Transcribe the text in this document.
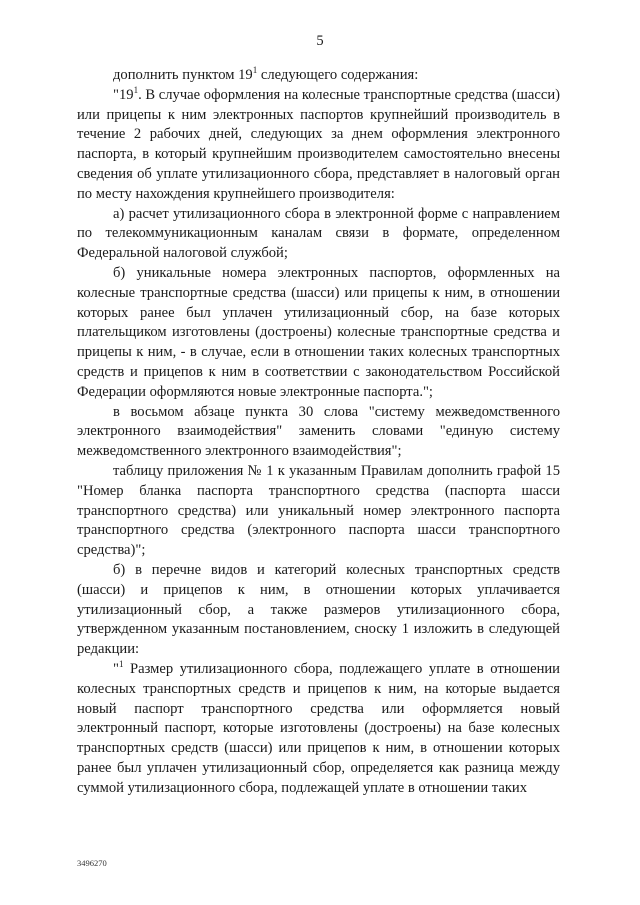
5

дополнить пунктом $19^1$ следующего содержания:

"$19^1$. В случае оформления на колесные транспортные средства (шасси) или прицепы к ним электронных паспортов крупнейший производитель в течение 2 рабочих дней, следующих за днем оформления электронного паспорта, в который крупнейшим производителем самостоятельно внесены сведения об уплате утилизационного сбора, представляет в налоговый орган по месту нахождения крупнейшего производителя:

а) расчет утилизационного сбора в электронной форме с направлением по телекоммуникационным каналам связи в формате, определенном Федеральной налоговой службой;

б) уникальные номера электронных паспортов, оформленных на колесные транспортные средства (шасси) или прицепы к ним, в отношении которых ранее был уплачен утилизационный сбор, на базе которых плательщиком изготовлены (достроены) колесные транспортные средства и прицепы к ним, - в случае, если в отношении таких колесных транспортных средств и прицепов к ним в соответствии с законодательством Российской Федерации оформляются новые электронные паспорта.";

в восьмом абзаце пункта 30 слова "систему межведомственного электронного взаимодействия" заменить словами "единую систему межведомственного электронного взаимодействия";

таблицу приложения № 1 к указанным Правилам дополнить графой 15 "Номер бланка паспорта транспортного средства (паспорта шасси транспортного средства) или уникальный номер электронного паспорта транспортного средства (электронного паспорта шасси транспортного средства)";

б) в перечне видов и категорий колесных транспортных средств (шасси) и прицепов к ним, в отношении которых уплачивается утилизационный сбор, а также размеров утилизационного сбора, утвержденном указанным постановлением, сноску 1 изложить в следующей редакции:

"$^1$ Размер утилизационного сбора, подлежащего уплате в отношении колесных транспортных средств и прицепов к ним, на которые выдается новый паспорт транспортного средства или оформляется новый электронный паспорт, которые изготовлены (достроены) на базе колесных транспортных средств (шасси) или прицепов к ним, в отношении которых ранее был уплачен утилизационный сбор, определяется как разница между суммой утилизационного сбора, подлежащей уплате в отношении таких

3496270
